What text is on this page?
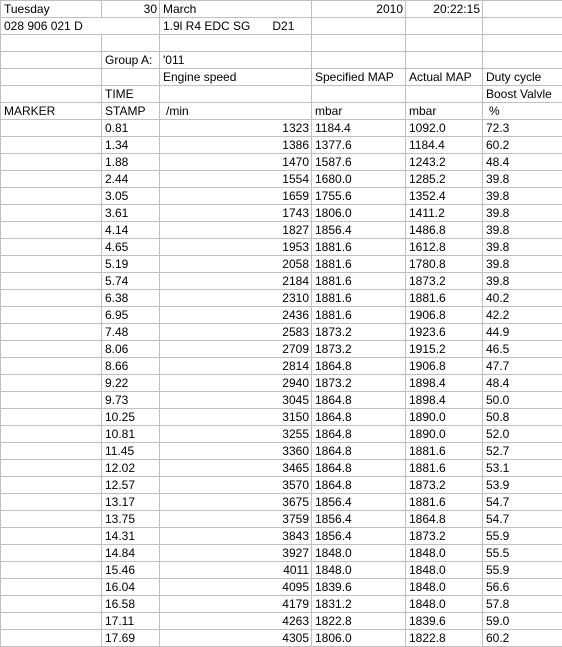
Tuesday	30	March	2010	20:22:15	
028 906 021 D		1.9l R4 EDC SG D21			

	Group A:	'011			
		Engine speed	Specified MAP	Actual MAP	Duty cycle
	TIME				Boost Valvle
MARKER	STAMP	/min	mbar	mbar	%
	0.81	1323	1184.4	1092.0	72.3
	1.34	1386	1377.6	1184.4	60.2
	1.88	1470	1587.6	1243.2	48.4
	2.44	1554	1680.0	1285.2	39.8
	3.05	1659	1755.6	1352.4	39.8
	3.61	1743	1806.0	1411.2	39.8
	4.14	1827	1856.4	1486.8	39.8
	4.65	1953	1881.6	1612.8	39.8
	5.19	2058	1881.6	1780.8	39.8
	5.74	2184	1881.6	1873.2	39.8
	6.38	2310	1881.6	1881.6	40.2
	6.95	2436	1881.6	1906.8	42.2
	7.48	2583	1873.2	1923.6	44.9
	8.06	2709	1873.2	1915.2	46.5
	8.66	2814	1864.8	1906.8	47.7
	9.22	2940	1873.2	1898.4	48.4
	9.73	3045	1864.8	1898.4	50.0
	10.25	3150	1864.8	1890.0	50.8
	10.81	3255	1864.8	1890.0	52.0
	11.45	3360	1864.8	1881.6	52.7
	12.02	3465	1864.8	1881.6	53.1
	12.57	3570	1864.8	1873.2	53.9
	13.17	3675	1856.4	1881.6	54.7
	13.75	3759	1856.4	1864.8	54.7
	14.31	3843	1856.4	1873.2	55.9
	14.84	3927	1848.0	1848.0	55.5
	15.46	4011	1848.0	1848.0	55.9
	16.04	4095	1839.6	1848.0	56.6
	16.58	4179	1831.2	1848.0	57.8
	17.11	4263	1822.8	1839.6	59.0
	17.69	4305	1806.0	1822.8	60.2
